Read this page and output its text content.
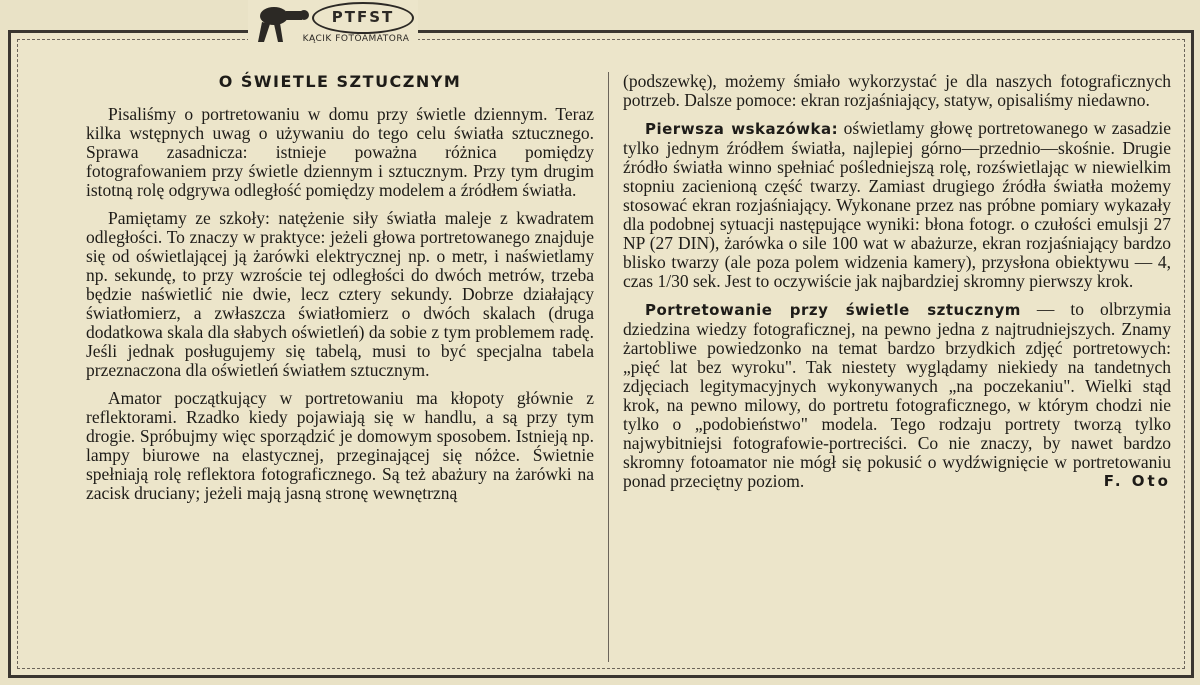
PTFST
KĄCIK FOTOAMATORA
O ŚWIETLE SZTUCZNYM

Pisaliśmy o portretowaniu w domu przy świetle dziennym. Teraz kilka wstępnych uwag o używaniu do tego celu światła sztucznego. Sprawa zasadnicza: istnieje poważna różnica pomiędzy fotografowaniem przy świetle dziennym i sztucznym. Przy tym drugim istotną rolę odgrywa odległość pomiędzy modelem a źródłem światła.

Pamiętamy ze szkoły: natężenie siły światła maleje z kwadratem odległości. To znaczy w praktyce: jeżeli głowa portretowanego znajduje się od oświetlającej ją żarówki elektrycznej np. o metr, i naświetlamy np. sekundę, to przy wzroście tej odległości do dwóch metrów, trzeba będzie naświetlić nie dwie, lecz cztery sekundy. Dobrze działający światłomierz, a zwłaszcza światłomierz o dwóch skalach (druga dodatkowa skala dla słabych oświetleń) da sobie z tym problemem radę. Jeśli jednak posługujemy się tabelą, musi to być specjalna tabela przeznaczona dla oświetleń światłem sztucznym.

Amator początkujący w portretowaniu ma kłopoty głównie z reflektorami. Rzadko kiedy pojawiają się w handlu, a są przy tym drogie. Spróbujmy więc sporządzić je domowym sposobem. Istnieją np. lampy biurowe na elastycznej, przeginającej się nóżce. Świetnie spełniają rolę reflektora fotograficznego. Są też abażury na żarówki na zacisk druciany; jeżeli mają jasną stronę wewnętrzną

(podszewkę), możemy śmiało wykorzystać je dla naszych fotograficznych potrzeb. Dalsze pomoce: ekran rozjaśniający, statyw, opisaliśmy niedawno.

Pierwsza wskazówka: oświetlamy głowę portretowanego w zasadzie tylko jednym źródłem światła, najlepiej górno—przednio—skośnie. Drugie źródło światła winno spełniać pośledniejszą rolę, rozświetlając w niewielkim stopniu zacienioną część twarzy. Zamiast drugiego źródła światła możemy stosować ekran rozjaśniający. Wykonane przez nas próbne pomiary wykazały dla podobnej sytuacji następujące wyniki: błona fotogr. o czułości emulsji 27 NP (27 DIN), żarówka o sile 100 wat w abażurze, ekran rozjaśniający bardzo blisko twarzy (ale poza polem widzenia kamery), przysłona obiektywu — 4, czas 1/30 sek. Jest to oczywiście jak najbardziej skromny pierwszy krok.

Portretowanie przy świetle sztucznym — to olbrzymia dziedzina wiedzy fotograficznej, na pewno jedna z najtrudniejszych. Znamy żartobliwe powiedzonko na temat bardzo brzydkich zdjęć portretowych: „pięć lat bez wyroku". Tak niestety wyglądamy niekiedy na tandetnych zdjęciach legitymacyjnych wykonywanych „na poczekaniu". Wielki stąd krok, na pewno milowy, do portretu fotograficznego, w którym chodzi nie tylko o „podobieństwo" modela. Tego rodzaju portrety tworzą tylko najwybitniejsi fotografowie-portreciści. Co nie znaczy, by nawet bardzo skromny fotoamator nie mógł się pokusić o wydźwignięcie w portretowaniu ponad przeciętny poziom.	F. Oto
